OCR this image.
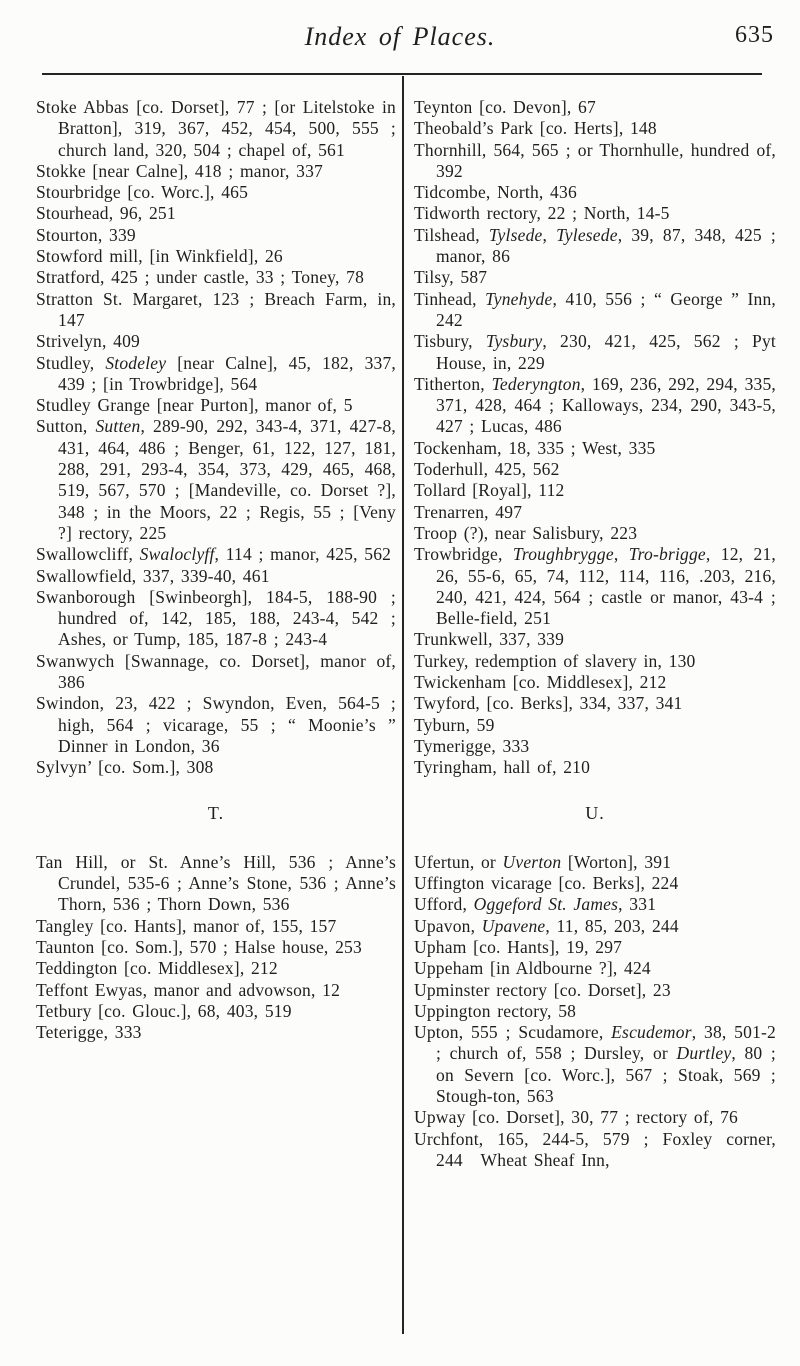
Index of Places.	635

Stoke Abbas [co. Dorset], 77 ; [or Litelstoke in Bratton], 319, 367, 452, 454, 500, 555 ; church land, 320, 504 ; chapel of, 561

Stokke [near Calne], 418 ; manor, 337

Stourbridge [co. Worc.], 465

Stourhead, 96, 251

Stourton, 339

Stowford mill, [in Winkfield], 26

Stratford, 425 ; under castle, 33 ; Toney, 78

Stratton St. Margaret, 123 ; Breach Farm, in, 147

Strivelyn, 409

Studley, Stodeley [near Calne], 45, 182, 337, 439 ; [in Trowbridge], 564

Studley Grange [near Purton], manor of, 5

Sutton, Sutten, 289-90, 292, 343-4, 371, 427-8, 431, 464, 486 ; Benger, 61, 122, 127, 181, 288, 291, 293-4, 354, 373, 429, 465, 468, 519, 567, 570 ; [Mandeville, co. Dorset ?], 348 ; in the Moors, 22 ; Regis, 55 ; [Veny ?] rectory, 225

Swallowcliff, Swaloclyff, 114 ; manor, 425, 562

Swallowfield, 337, 339-40, 461

Swanborough [Swinbeorgh], 184-5, 188-90 ; hundred of, 142, 185, 188, 243-4, 542 ; Ashes, or Tump, 185, 187-8 ; 243-4

Swanwych [Swannage, co. Dorset], manor of, 386

Swindon, 23, 422 ; Swyndon, Even, 564-5 ; high, 564 ; vicarage, 55 ; “ Moonie’s ” Dinner in London, 36

Sylvyn’ [co. Som.], 308

T.

Tan Hill, or St. Anne’s Hill, 536 ; Anne’s Crundel, 535-6 ; Anne’s Stone, 536 ; Anne’s Thorn, 536 ; Thorn Down, 536

Tangley [co. Hants], manor of, 155, 157

Taunton [co. Som.], 570 ; Halse house, 253

Teddington [co. Middlesex], 212

Teffont Ewyas, manor and advowson, 12

Tetbury [co. Glouc.], 68, 403, 519

Teterigge, 333

Teynton [co. Devon], 67

Theobald’s Park [co. Herts], 148

Thornhill, 564, 565 ; or Thornhulle, hundred of, 392

Tidcombe, North, 436

Tidworth rectory, 22 ; North, 14-5

Tilshead, Tylsede, Tylesede, 39, 87, 348, 425 ; manor, 86

Tilsy, 587

Tinhead, Tynehyde, 410, 556 ; “ George ” Inn, 242

Tisbury, Tysbury, 230, 421, 425, 562 ; Pyt House, in, 229

Titherton, Tederyngton, 169, 236, 292, 294, 335, 371, 428, 464 ; Kalloways, 234, 290, 343-5, 427 ; Lucas, 486

Tockenham, 18, 335 ; West, 335

Toderhull, 425, 562

Tollard [Royal], 112

Trenarren, 497

Troop (?), near Salisbury, 223

Trowbridge, Troughbrygge, Tro-brigge, 12, 21, 26, 55-6, 65, 74, 112, 114, 116, .203, 216, 240, 421, 424, 564 ; castle or manor, 43-4 ; Belle-field, 251

Trunkwell, 337, 339

Turkey, redemption of slavery in, 130

Twickenham [co. Middlesex], 212

Twyford, [co. Berks], 334, 337, 341

Tyburn, 59

Tymerigge, 333

Tyringham, hall of, 210

U.

Ufertun, or Uverton [Worton], 391

Uffington vicarage [co. Berks], 224

Ufford, Oggeford St. James, 331

Upavon, Upavene, 11, 85, 203, 244

Upham [co. Hants], 19, 297

Uppeham [in Aldbourne ?], 424

Upminster rectory [co. Dorset], 23

Uppington rectory, 58

Upton, 555 ; Scudamore, Escudemor, 38, 501-2 ; church of, 558 ; Dursley, or Durtley, 80 ; on Severn [co. Worc.], 567 ; Stoak, 569 ; Stough-ton, 563

Upway [co. Dorset], 30, 77 ; rectory of, 76

Urchfont, 165, 244-5, 579 ; Foxley corner, 244 Wheat Sheaf Inn,
